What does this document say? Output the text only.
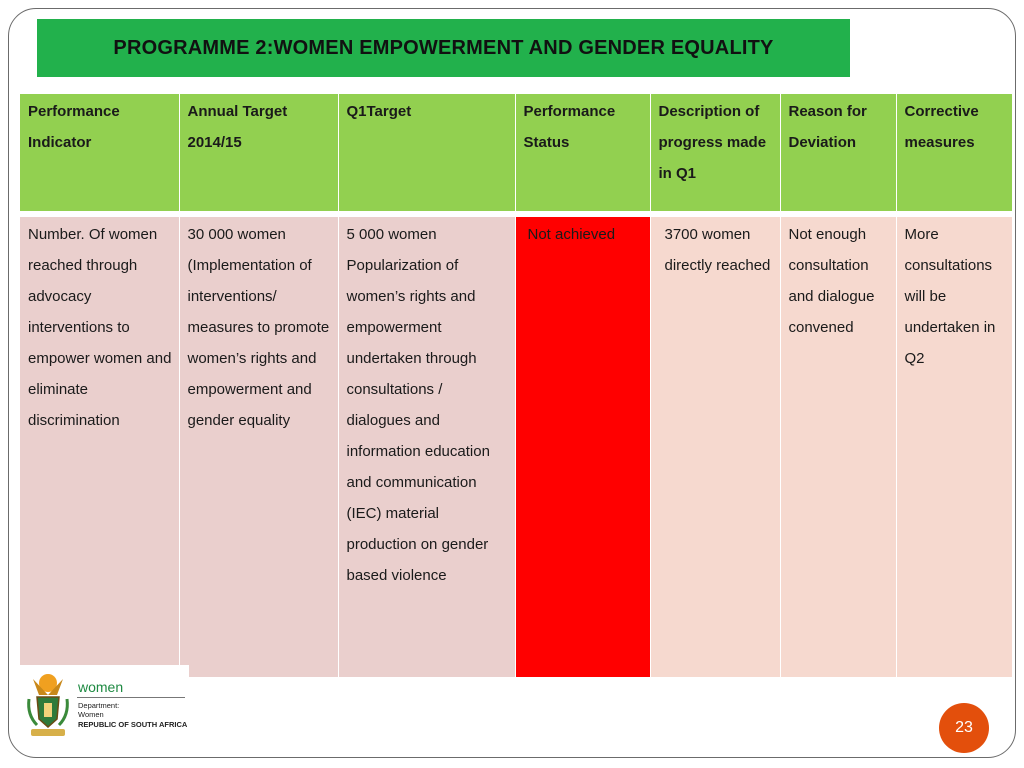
PROGRAMME 2:WOMEN EMPOWERMENT AND GENDER EQUALITY
Performance Indicator	Annual Target 2014/15	Q1Target	Performance Status	Description of progress made in Q1	Reason for Deviation	Corrective measures
Number. Of women reached through advocacy interventions to empower women and eliminate discrimination	30 000 women (Implementation of interventions/ measures to promote women’s rights and empowerment and gender equality	5 000 women Popularization of women’s rights and empowerment undertaken through consultations / dialogues and information education and communication (IEC) material production on gender based violence	Not achieved	3700 women directly reached	Not enough consultation and dialogue convened	More consultations will be undertaken in Q2
women
Department:
Women
REPUBLIC OF SOUTH AFRICA	23
